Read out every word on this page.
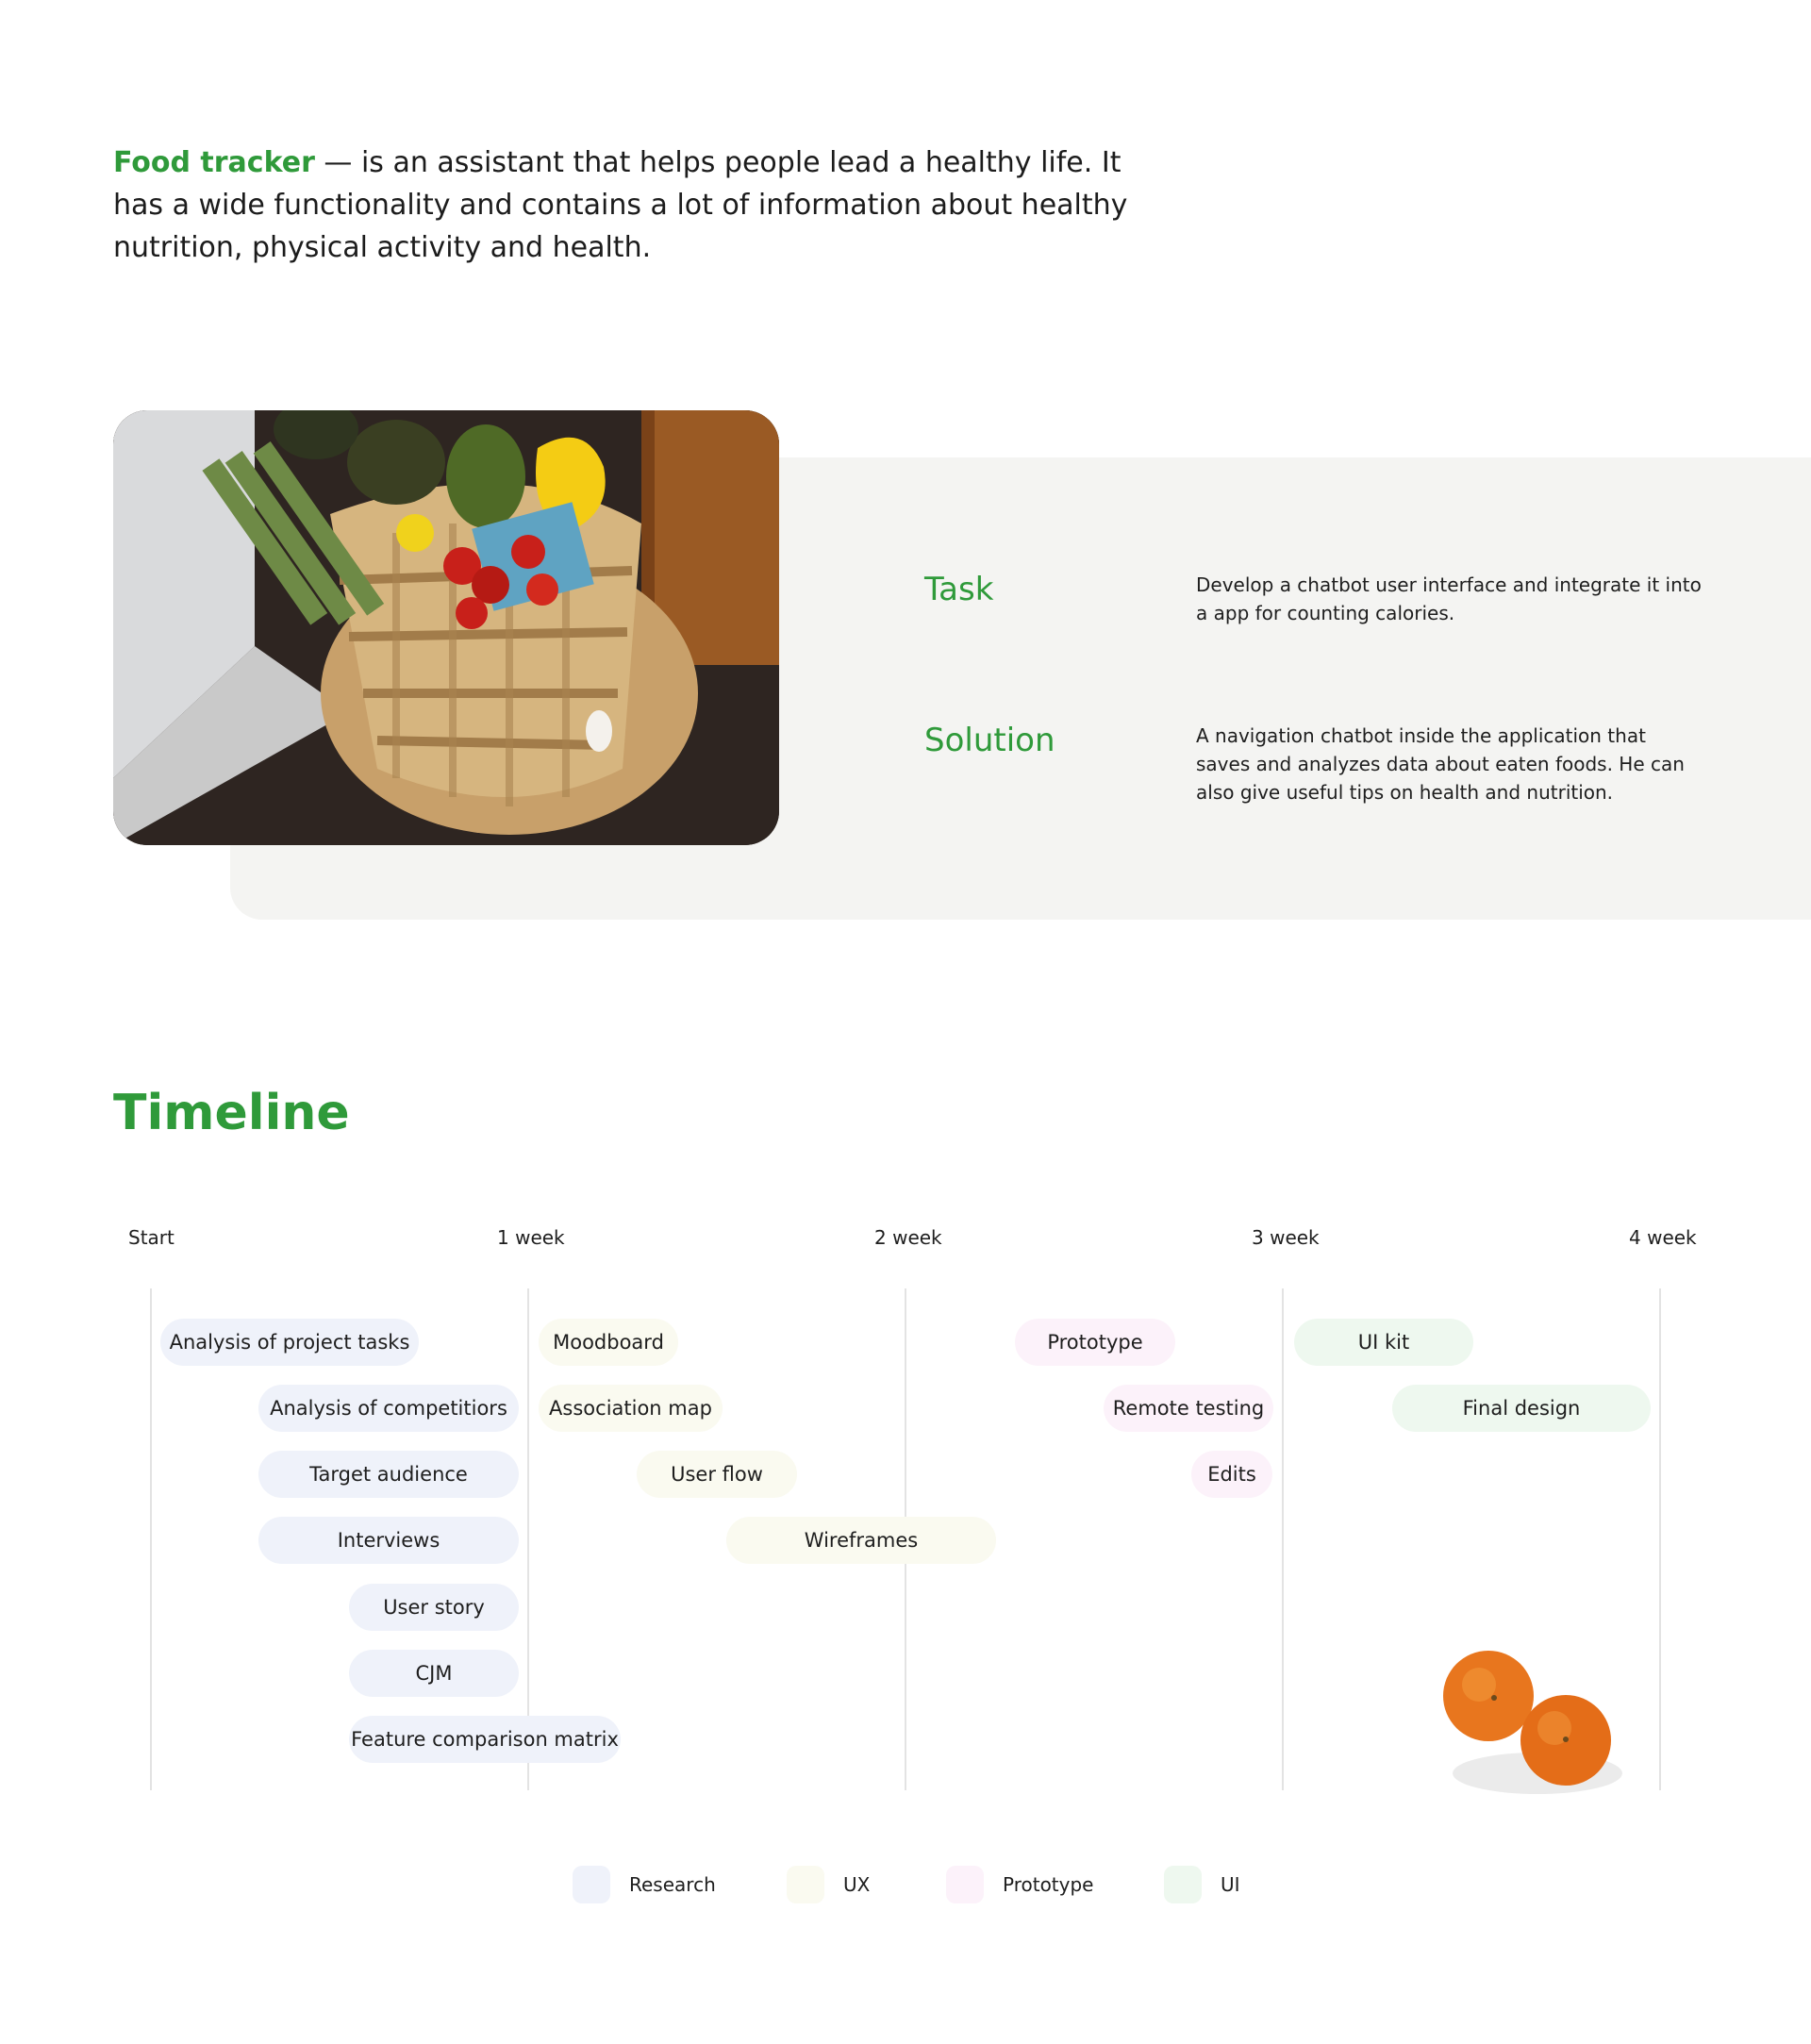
Food tracker — is an assistant that helps people lead a healthy life. It has a wide functionality and contains a lot of information about healthy nutrition, physical activity and health.

Task	Develop a chatbot user interface and integrate it into a app for counting calories.

Solution	A navigation chatbot inside the application that saves and analyzes data about eaten foods. He can also give useful tips on health and nutrition.

Timeline
Start	1 week	2 week	3 week	4 week
Analysis of project tasks
Analysis of competitiors
Target audience
Interviews
User story
CJM
Feature comparison matrix
Moodboard
Association map
User flow
Wireframes
Prototype
Remote testing
Edits
UI kit
Final design
Research	UX	Prototype	UI
